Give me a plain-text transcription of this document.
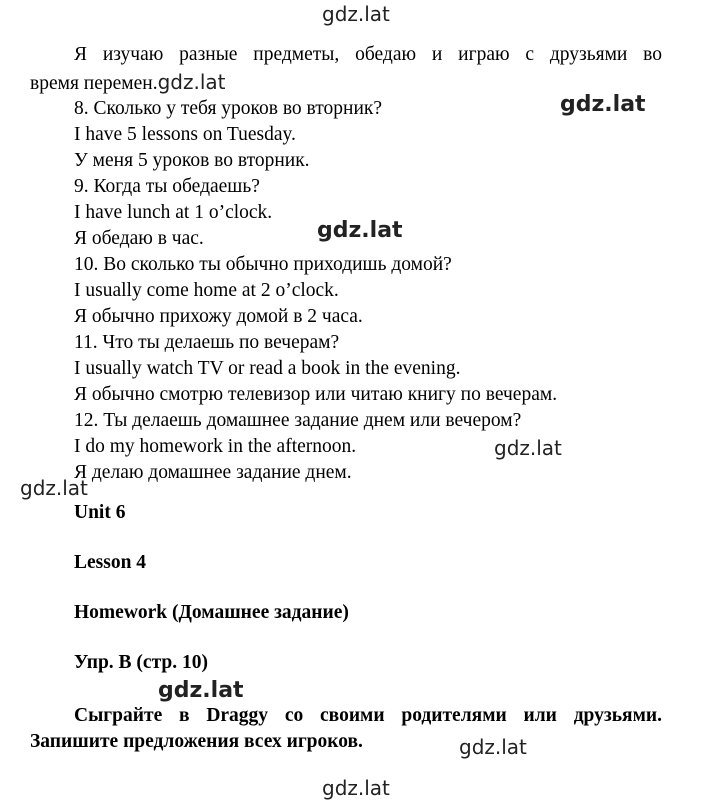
gdz.lat
gdz.lat
gdz.lat
gdz.lat
gdz.lat
gdz.lat
gdz.lat
gdz.lat

Я изучаю разные предметы, обедаю и играю с друзьями во

время перемен.gdz.lat

8. Сколько у тебя уроков во вторник?

I have 5 lessons on Tuesday.

У меня 5 уроков во вторник.

9. Когда ты обедаешь?

I have lunch at 1 o’clock.

Я обедаю в час.

10. Во сколько ты обычно приходишь домой?

I usually come home at 2 o’clock.

Я обычно прихожу домой в 2 часа.

11. Что ты делаешь по вечерам?

I usually watch TV or read a book in the evening.

Я обычно смотрю телевизор или читаю книгу по вечерам.

12. Ты делаешь домашнее задание днем или вечером?

I do my homework in the afternoon.

Я делаю домашнее задание днем.

Unit 6

Lesson 4

Homework (Домашнее задание)

Упр. B (стр. 10)

Сыграйте в Draggy со своими родителями или друзьями.

Запишите предложения всех игроков.
